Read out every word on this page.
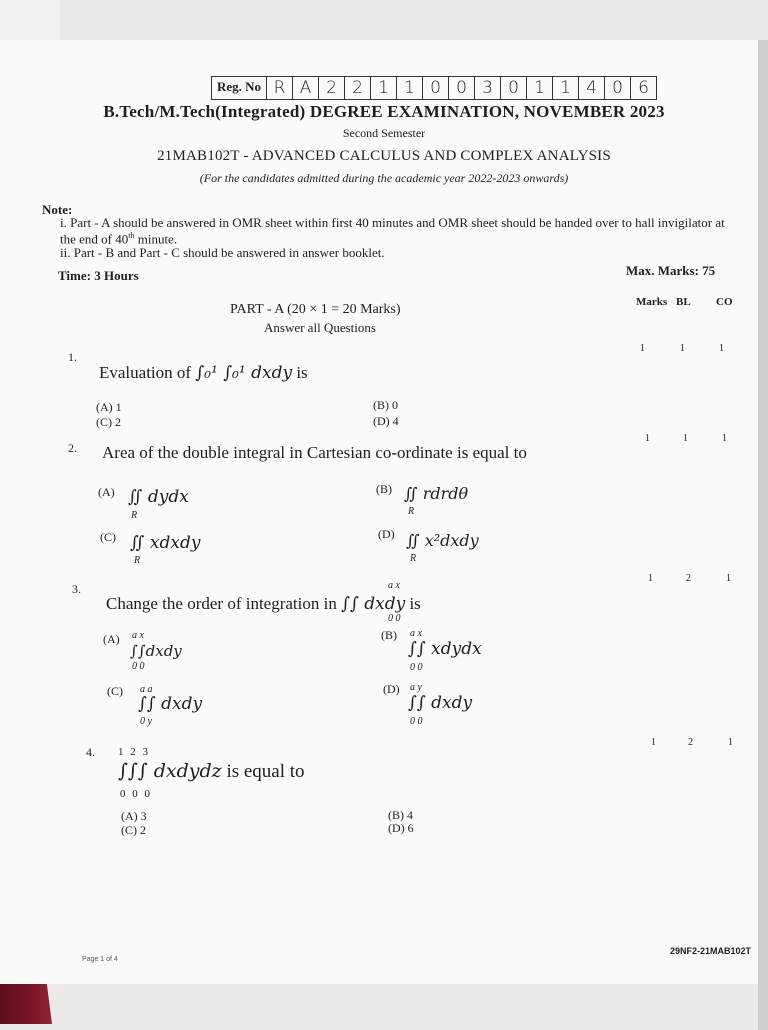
Reg. No R A 2 2 1 1 0 0 3 0 1 1 4 0 6
B.Tech/M.Tech(Integrated) DEGREE EXAMINATION, NOVEMBER 2023
Second Semester
21MAB102T - ADVANCED CALCULUS AND COMPLEX ANALYSIS
(For the candidates admitted during the academic year 2022-2023 onwards)
Note:
i. Part - A should be answered in OMR sheet within first 40 minutes and OMR sheet should be handed over to hall invigilator at the end of 40th minute.
ii. Part - B and Part - C should be answered in answer booklet.
Time: 3 Hours	Max. Marks: 75
PART - A (20 × 1 = 20 Marks)
Answer all Questions
Marks BL CO
1.
Evaluation of ∫₀¹ ∫₀¹ dxdy is
1	1	1
(A) 1	(B) 0
(C) 2	(D) 4
2. Area of the double integral in Cartesian co-ordinate is equal to
1	1	1
(A) ∬ dydx
R
(B) ∬ rdrdθ
R
(C) ∬ xdxdy
R
(D) ∬ x²dxdy
R
3.
Change the order of integration in ∫∫ dxdy is
a x
0 0
1	2	1
(A) a x
∫∫dxdy
0 0
(B) a x
∫∫ xdydx
0 0
(C) a a
∫∫ dxdy
0 y
(D) a y
∫∫ dxdy
0 0
4. 1 2 3
∫∫∫ dxdydz is equal to
0 0 0
1	2	1
(A) 3	(B) 4
(C) 2	(D) 6
Page 1 of 4
29NF2-21MAB102T
